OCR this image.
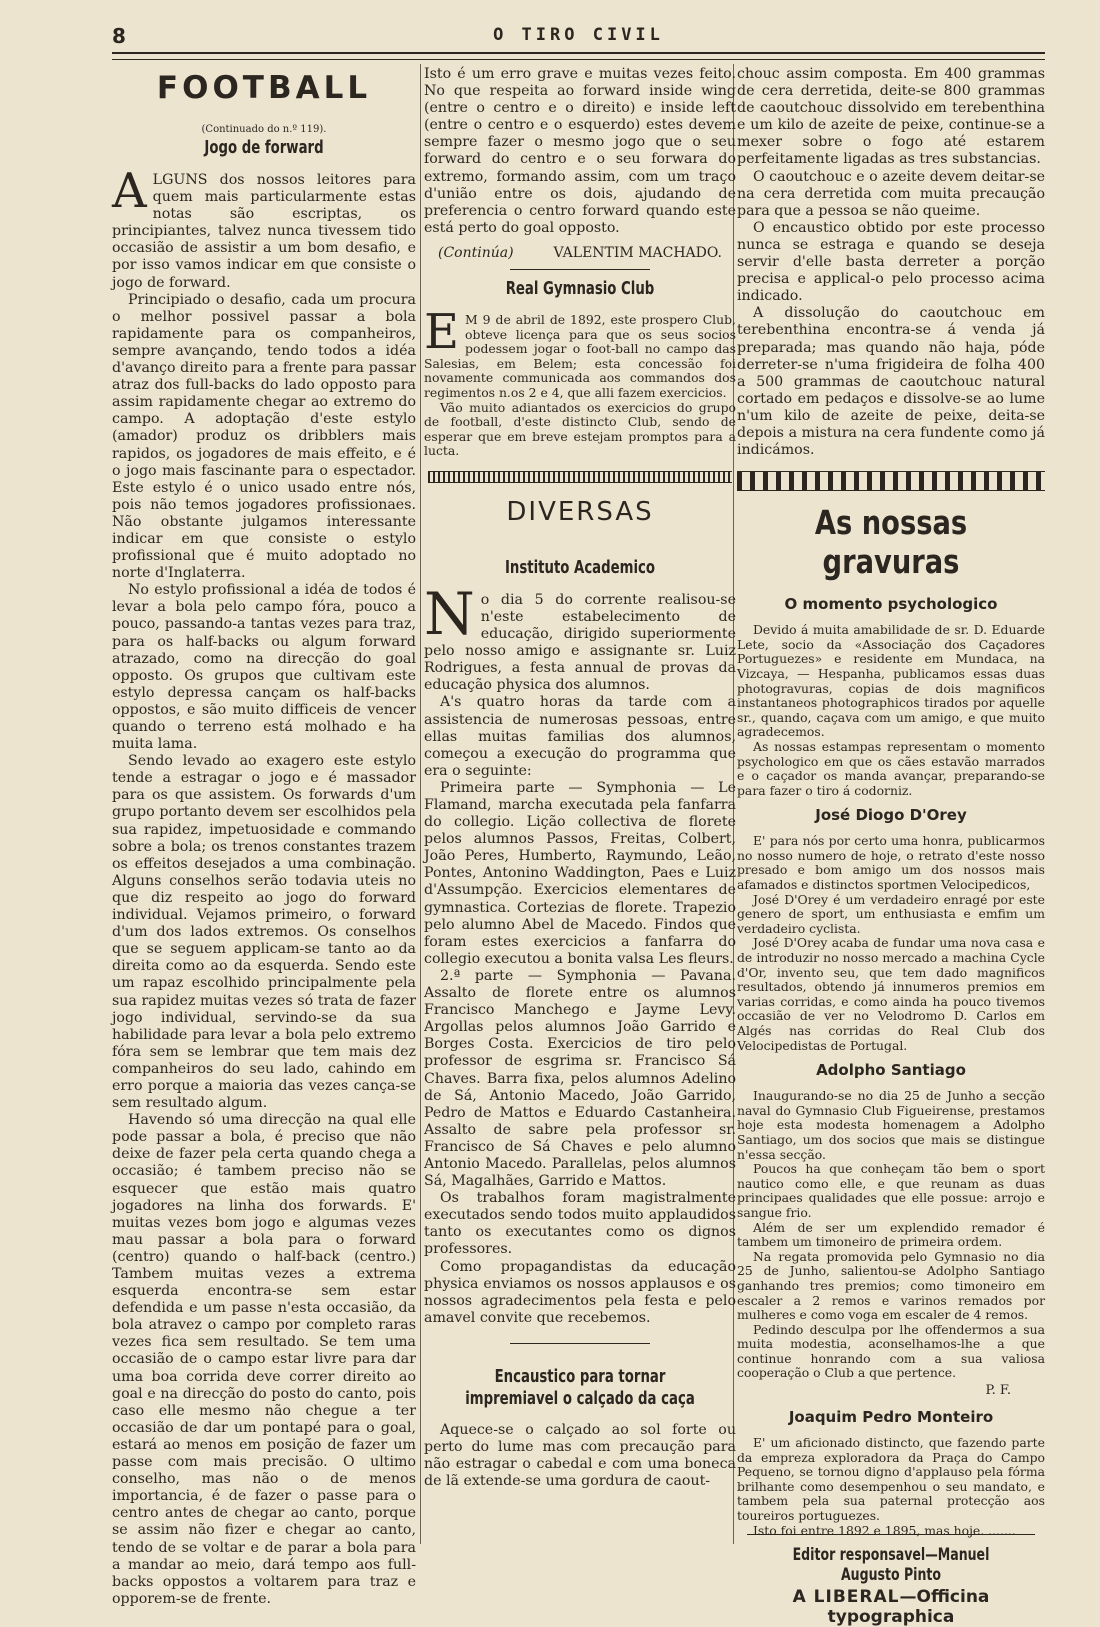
8	O TIRO CIVIL
FOOTBALL
(Continuado do n.º 119).
Jogo de forward

ALGUNS dos nossos leitores para quem mais particularmente estas notas são escriptas, os principiantes, talvez nunca tivessem tido occasião de assistir a um bom desafio, e por isso vamos indicar em que consiste o jogo de forward.

Principiado o desafio, cada um procura o melhor possivel passar a bola rapidamente para os companheiros, sempre avançando, tendo todos a idéa d'avanço direito para a frente para passar atraz dos full-backs do lado opposto para assim rapidamente chegar ao extremo do campo. A adoptação d'este estylo (amador) produz os dribblers mais rapidos, os jogadores de mais effeito, e é o jogo mais fascinante para o espectador. Este estylo é o unico usado entre nós, pois não temos jogadores profissionaes. Não obstante julgamos interessante indicar em que consiste o estylo profissional que é muito adoptado no norte d'Inglaterra.

No estylo profissional a idéa de todos é levar a bola pelo campo fóra, pouco a pouco, passando-a tantas vezes para traz, para os half-backs ou algum forward atrazado, como na direcção do goal opposto. Os grupos que cultivam este estylo depressa cançam os half-backs oppostos, e são muito difficeis de vencer quando o terreno está molhado e ha muita lama.

Sendo levado ao exagero este estylo tende a estragar o jogo e é massador para os que assistem. Os forwards d'um grupo portanto devem ser escolhidos pela sua rapidez, impetuosidade e commando sobre a bola; os trenos constantes trazem os effeitos desejados a uma combinação. Alguns conselhos serão todavia uteis no que diz respeito ao jogo do forward individual. Vejamos primeiro, o forward d'um dos lados extremos. Os conselhos que se seguem applicam-se tanto ao da direita como ao da esquerda. Sendo este um rapaz escolhido principalmente pela sua rapidez muitas vezes só trata de fazer jogo individual, servindo-se da sua habilidade para levar a bola pelo extremo fóra sem se lembrar que tem mais dez companheiros do seu lado, cahindo em erro porque a maioria das vezes cança-se sem resultado algum.

Havendo só uma direcção na qual elle pode passar a bola, é preciso que não deixe de fazer pela certa quando chega a occasião; é tambem preciso não se esquecer que estão mais quatro jogadores na linha dos forwards. E' muitas vezes bom jogo e algumas vezes mau passar a bola para o forward (centro) quando o half-back (centro.) Tambem muitas vezes a extrema esquerda encontra-se sem estar defendida e um passe n'esta occasião, da bola atravez o campo por completo raras vezes fica sem resultado. Se tem uma occasião de o campo estar livre para dar uma boa corrida deve correr direito ao goal e na direcção do posto do canto, pois caso elle mesmo não chegue a ter occasião de dar um pontapé para o goal, estará ao menos em posição de fazer um passe com mais precisão. O ultimo conselho, mas não o de menos importancia, é de fazer o passe para o centro antes de chegar ao canto, porque se assim não fizer e chegar ao canto, tendo de se voltar e de parar a bola para a mandar ao meio, dará tempo aos full-backs oppostos a voltarem para traz e opporem-se de frente.

Isto é um erro grave e muitas vezes feito. No que respeita ao forward inside wing (entre o centro e o direito) e inside left (entre o centro e o esquerdo) estes devem sempre fazer o mesmo jogo que o seu forward do centro e o seu forwara do extremo, formando assim, com um traço d'união entre os dois, ajudando de preferencia o centro forward quando este está perto do goal opposto.

(Continúa)	VALENTIM MACHADO.
Real Gymnasio Club

E M 9 de abril de 1892, este prospero Club, obteve licença para que os seus socios podessem jogar o foot-ball no campo das Salesias, em Belem; esta concessão foi novamente communicada aos commandos dos regimentos n.os 2 e 4, que alli fazem exercicios.

Vão muito adiantados os exercicios do grupo de football, d'este distincto Club, sendo de esperar que em breve estejam promptos para a lucta.

DIVERSAS
Instituto Academico

No dia 5 do corrente realisou-se n'este estabelecimento de educação, dirigido superiormente pelo nosso amigo e assignante sr. Luiz Rodrigues, a festa annual de provas da educação physica dos alumnos.

A's quatro horas da tarde com a assistencia de numerosas pessoas, entre ellas muitas familias dos alumnos, começou a execução do programma que era o seguinte:

Primeira parte — Symphonia — Le Flamand, marcha executada pela fanfarra do collegio. Lição collectiva de florete pelos alumnos Passos, Freitas, Colbert, João Peres, Humberto, Raymundo, Leão, Pontes, Antonino Waddington, Paes e Luiz d'Assumpção. Exercicios elementares de gymnastica. Cortezias de florete. Trapezio pelo alumno Abel de Macedo. Findos que foram estes exercicios a fanfarra do collegio executou a bonita valsa Les fleurs.

2.ª parte — Symphonia — Pavana. Assalto de florete entre os alumnos Francisco Manchego e Jayme Levy. Argollas pelos alumnos João Garrido e Borges Costa. Exercicios de tiro pelo professor de esgrima sr. Francisco Sá Chaves. Barra fixa, pelos alumnos Adelino de Sá, Antonio Macedo, João Garrido, Pedro de Mattos e Eduardo Castanheira. Assalto de sabre pela professor sr. Francisco de Sá Chaves e pelo alumno Antonio Macedo. Parallelas, pelos alumnos Sá, Magalhães, Garrido e Mattos.

Os trabalhos foram magistralmente executados sendo todos muito applaudidos tanto os executantes como os dignos professores.

Como propagandistas da educação physica enviamos os nossos applausos e os nossos agradecimentos pela festa e pelo amavel convite que recebemos.

Encaustico para tornar impremiavel o calçado da caça

Aquece-se o calçado ao sol forte ou perto do lume mas com precaução para não estragar o cabedal e com uma boneca de lã extende-se uma gordura de caout-

chouc assim composta. Em 400 grammas de cera derretida, deite-se 800 grammas de caoutchouc dissolvido em terebenthina e um kilo de azeite de peixe, continue-se a mexer sobre o fogo até estarem perfeitamente ligadas as tres substancias.

O caoutchouc e o azeite devem deitar-se na cera derretida com muita precaução para que a pessoa se não queime.

O encaustico obtido por este processo nunca se estraga e quando se deseja servir d'elle basta derreter a porção precisa e applical-o pelo processo acima indicado.

A dissolução do caoutchouc em terebenthina encontra-se á venda já preparada; mas quando não haja, póde derreter-se n'uma frigideira de folha 400 a 500 grammas de caoutchouc natural cortado em pedaços e dissolve-se ao lume n'um kilo de azeite de peixe, deita-se depois a mistura na cera fundente como já indicámos.

As nossas gravuras
O momento psychologico

Devido á muita amabilidade de sr. D. Eduarde Lete, socio da «Associação dos Caçadores Portuguezes» e residente em Mundaca, na Vizcaya, — Hespanha, publicamos essas duas photogravuras, copias de dois magnificos instantaneos photographicos tirados por aquelle sr., quando, caçava com um amigo, e que muito agradecemos.

As nossas estampas representam o momento psychologico em que os cães estavão marrados e o caçador os manda avançar, preparando-se para fazer o tiro á codorniz.

José Diogo D'Orey

E' para nós por certo uma honra, publicarmos no nosso numero de hoje, o retrato d'este nosso presado e bom amigo um dos nossos mais afamados e distinctos sportmen Velocipedicos,

José D'Orey é um verdadeiro enragé por este genero de sport, um enthusiasta e emfim um verdadeiro cyclista.

José D'Orey acaba de fundar uma nova casa e de introduzir no nosso mercado a machina Cycle d'Or, invento seu, que tem dado magnificos resultados, obtendo já innumeros premios em varias corridas, e como ainda ha pouco tivemos occasião de ver no Velodromo D. Carlos em Algés nas corridas do Real Club dos Velocipedistas de Portugal.

Adolpho Santiago

Inaugurando-se no dia 25 de Junho a secção naval do Gymnasio Club Figueirense, prestamos hoje esta modesta homenagem a Adolpho Santiago, um dos socios que mais se distingue n'essa secção.

Poucos ha que conheçam tão bem o sport nautico como elle, e que reunam as duas principaes qualidades que elle possue: arrojo e sangue frio.

Além de ser um explendido remador é tambem um timoneiro de primeira ordem.

Na regata promovida pelo Gymnasio no dia 25 de Junho, salientou-se Adolpho Santiago ganhando tres premios; como timoneiro em escaler a 2 remos e varinos remados por mulheres e como voga em escaler de 4 remos.

Pedindo desculpa por lhe offendermos a sua muita modestia, aconselhamos-lhe a que continue honrando com a sua valiosa cooperação o Club a que pertence.

P. F.
Joaquim Pedro Monteiro

E' um aficionado distincto, que fazendo parte da empreza exploradora da Praça do Campo Pequeno, se tornou digno d'applauso pela fórma brilhante como desempenhou o seu mandato, e tambem pela sua paternal protecção aos toureiros portuguezes.

Isto foi entre 1892 e 1895, mas hoje. .......

Editor responsavel—Manuel Augusto Pinto
A LIBERAL—Officina typographica
